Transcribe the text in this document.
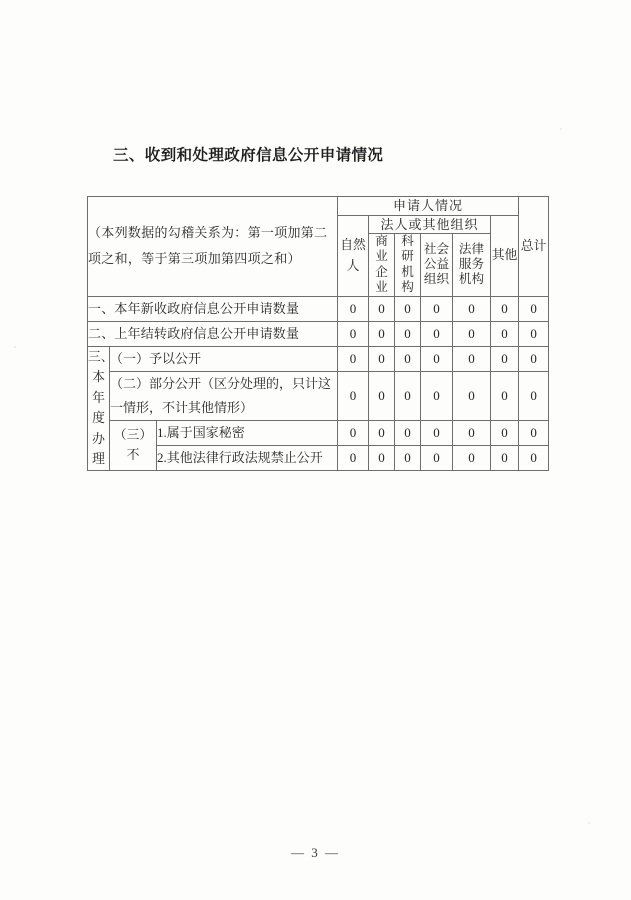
三、收到和处理政府信息公开申请情况
（本列数据的勾稽关系为：第一项加第二项之和，等于第三项加第四项之和）			申请人情况						总计

			自然人	法人或其他组织				其他	

				商业企业	科研机构	社会公益组织	法律服务机构		

一、本年新收政府信息公开申请数量			0	0	0	0	0	0	0
二、上年结转政府信息公开申请数量			0	0	0	0	0	0	0

三、本年度办理	（一）予以公开		0	0	0	0	0	0	0
	（二）部分公开（区分处理的，只计这一情形，不计其他情形）		0	0	0	0	0	0	0

	（三）不	1.属于国家秘密	0	0	0	0	0	0	0
		2.其他法律行政法规禁止公开	0	0	0	0	0	0	0
— 3 —
